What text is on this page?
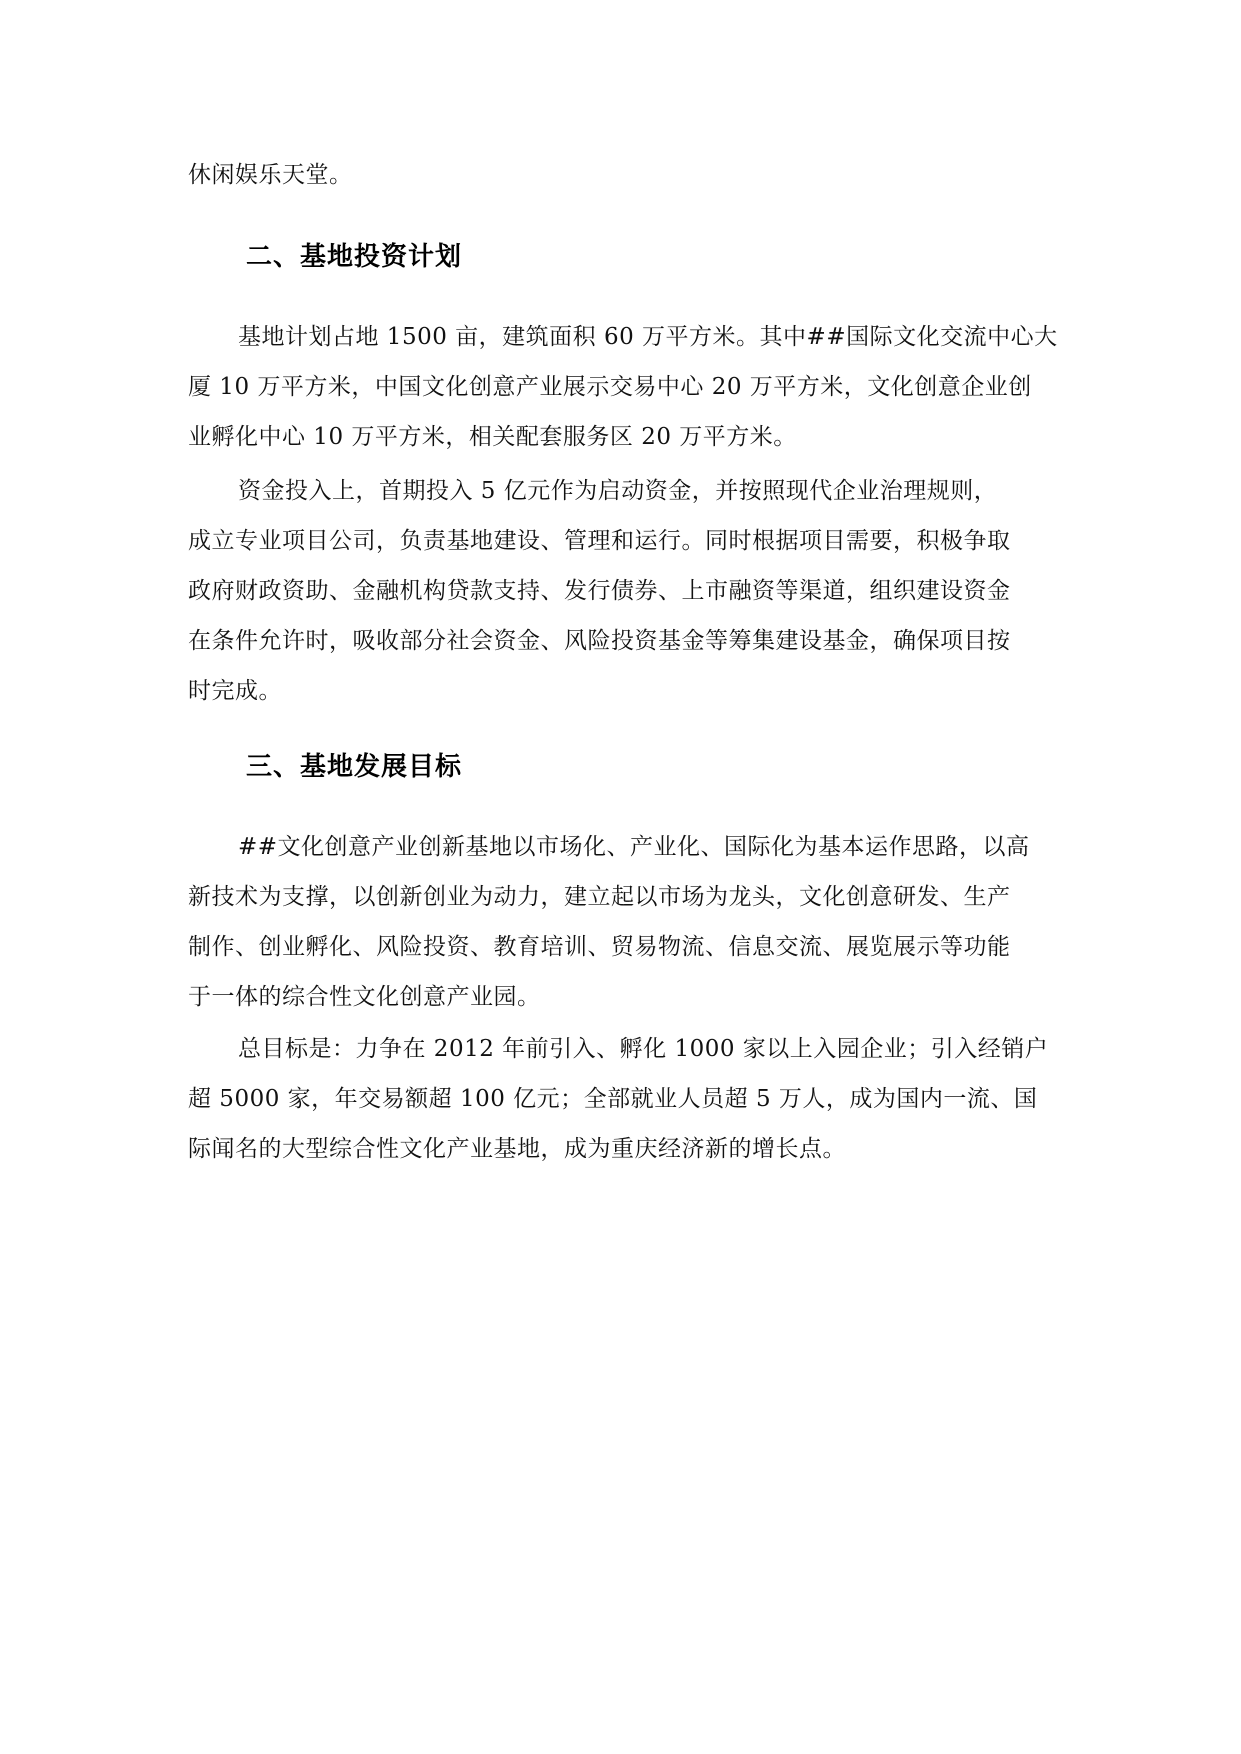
休闲娱乐天堂。
二、基地投资计划
基地计划占地 1500 亩，建筑面积 60 万平方米。其中##国际文化交流中心大
厦 10 万平方米，中国文化创意产业展示交易中心 20 万平方米，文化创意企业创
业孵化中心 10 万平方米，相关配套服务区 20 万平方米。
资金投入上，首期投入 5 亿元作为启动资金，并按照现代企业治理规则，
成立专业项目公司，负责基地建设、管理和运行。同时根据项目需要，积极争取
政府财政资助、金融机构贷款支持、发行债券、上市融资等渠道，组织建设资金
在条件允许时，吸收部分社会资金、风险投资基金等筹集建设基金，确保项目按
时完成。
三、基地发展目标
##文化创意产业创新基地以市场化、产业化、国际化为基本运作思路，以高
新技术为支撑，以创新创业为动力，建立起以市场为龙头，文化创意研发、生产
制作、创业孵化、风险投资、教育培训、贸易物流、信息交流、展览展示等功能
于一体的综合性文化创意产业园。
总目标是：力争在 2012 年前引入、孵化 1000 家以上入园企业；引入经销户
超 5000 家，年交易额超 100 亿元；全部就业人员超 5 万人，成为国内一流、国
际闻名的大型综合性文化产业基地，成为重庆经济新的增长点。
